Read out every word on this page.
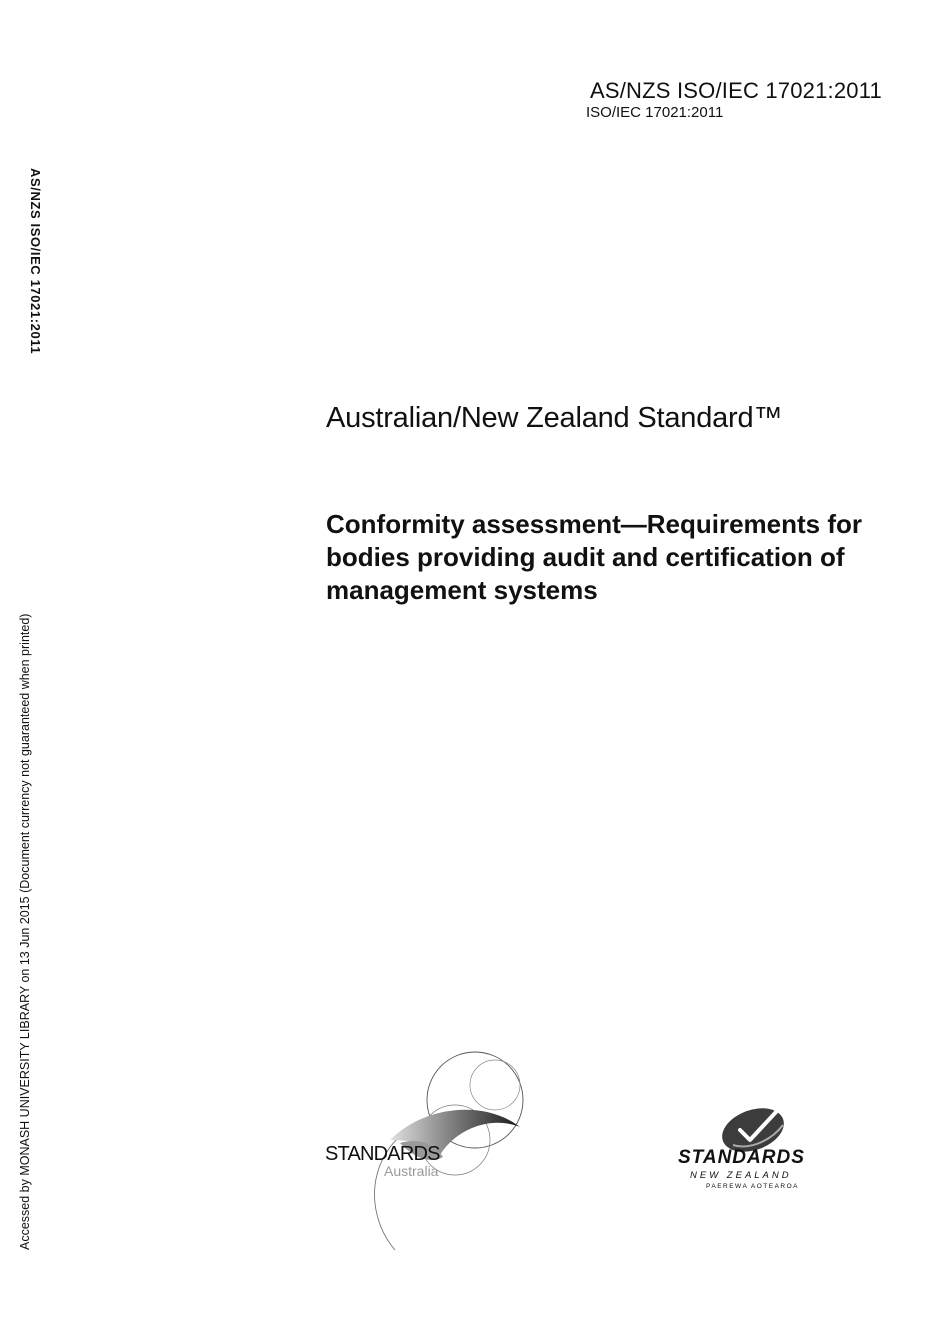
AS/NZS ISO/IEC 17021:2011
ISO/IEC 17021:2011
AS/NZS ISO/IEC 17021:2011
Accessed by MONASH UNIVERSITY LIBRARY on 13 Jun 2015 (Document currency not guaranteed when printed)
Australian/New Zealand Standard™
Conformity assessment—Requirements for bodies providing audit and certification of management systems
STANDARDS
Australia
STANDARDS
NEW ZEALAND
PAEREWA AOTEAROA
